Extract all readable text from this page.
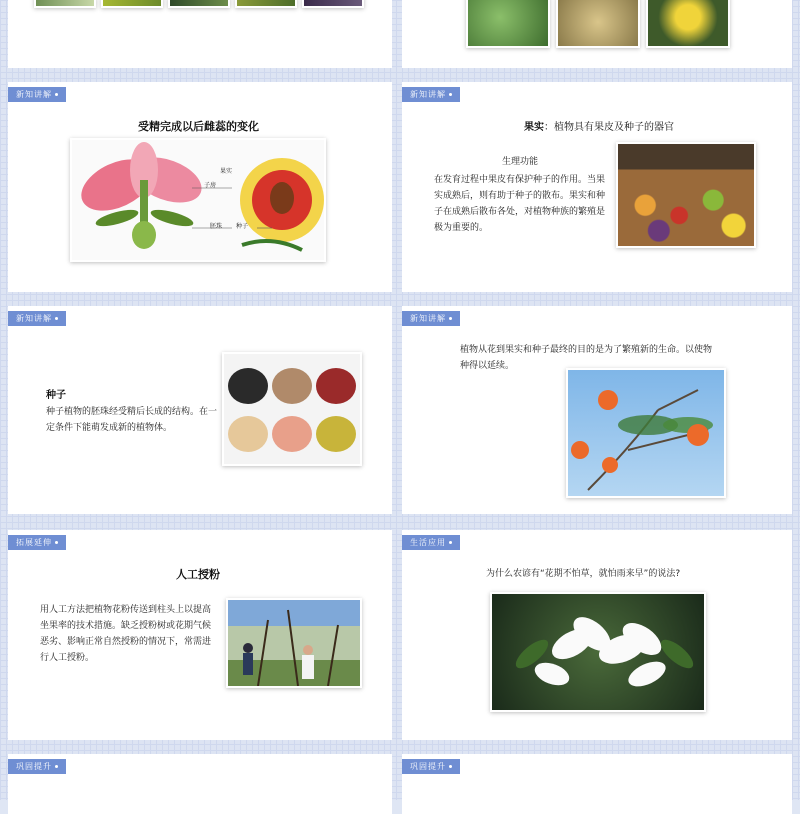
新知讲解
受精完成以后雌蕊的变化
果实
子房
胚珠 种子
新知讲解
果实：植物具有果皮及种子的器官
生理功能
在发育过程中果皮有保护种子的作用。当果实成熟后，则有助于种子的散布。果实和种子在成熟后散布各处，对植物种族的繁殖是极为重要的。
新知讲解
种子
种子植物的胚珠经受精后长成的结构。在一定条件下能萌发成新的植物体。
新知讲解
植物从花到果实和种子最终的目的是为了繁殖新的生命。以使物种得以延续。
拓展延伸
人工授粉
用人工方法把植物花粉传送到柱头上以提高坐果率的技术措施。缺乏授粉树或花期气候恶劣、影响正常自然授粉的情况下，常需进行人工授粉。
生活应用
为什么农谚有“花期不怕草，就怕雨来早”的说法?
巩固提升	巩固提升
